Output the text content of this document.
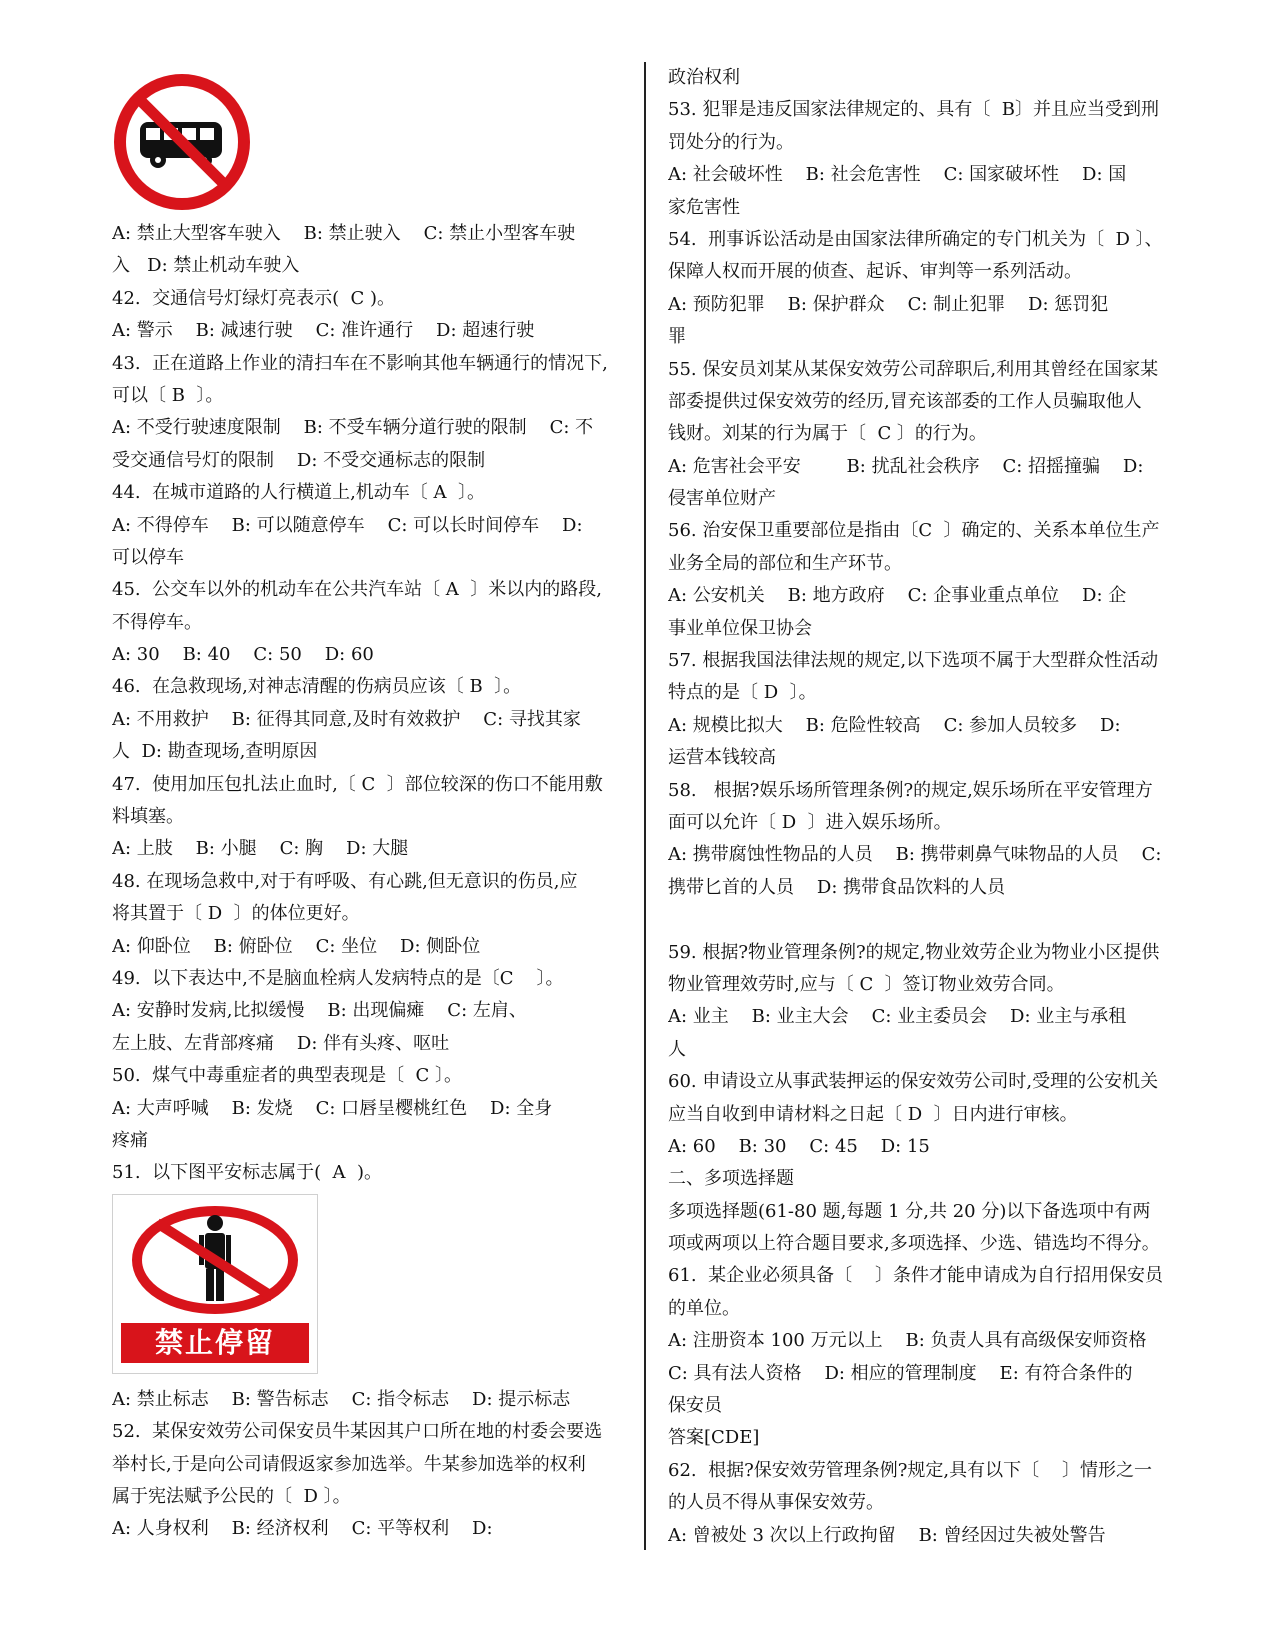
A: 禁止大型客车驶入    B: 禁止驶入    C: 禁止小型客车驶
入   D: 禁止机动车驶入
42.  交通信号灯绿灯亮表示(  C )。
A: 警示    B: 减速行驶    C: 准许通行    D: 超速行驶
43.  正在道路上作业的清扫车在不影响其他车辆通行的情况下,
可以〔 B  〕。
A: 不受行驶速度限制    B: 不受车辆分道行驶的限制    C: 不
受交通信号灯的限制    D: 不受交通标志的限制
44.  在城市道路的人行横道上,机动车〔 A  〕。
A: 不得停车    B: 可以随意停车    C: 可以长时间停车    D:
可以停车
45.  公交车以外的机动车在公共汽车站〔 A  〕米以内的路段,
不得停车。
A: 30    B: 40    C: 50    D: 60
46.  在急救现场,对神志清醒的伤病员应该〔 B  〕。
A: 不用救护    B: 征得其同意,及时有效救护    C: 寻找其家
人  D: 勘查现场,查明原因
47.  使用加压包扎法止血时,〔 C  〕部位较深的伤口不能用敷
料填塞。
A: 上肢    B: 小腿    C: 胸    D: 大腿
48. 在现场急救中,对于有呼吸、有心跳,但无意识的伤员,应
将其置于〔 D  〕的体位更好。
A: 仰卧位    B: 俯卧位    C: 坐位    D: 侧卧位
49.  以下表达中,不是脑血栓病人发病特点的是〔C    〕。
A: 安静时发病,比拟缓慢    B: 出现偏瘫    C: 左肩、
左上肢、左背部疼痛    D: 伴有头疼、呕吐
50.  煤气中毒重症者的典型表现是〔  C 〕。
A: 大声呼喊    B: 发烧    C: 口唇呈樱桃红色    D: 全身
疼痛
51.  以下图平安标志属于(  A  )。
禁止停留
A: 禁止标志    B: 警告标志    C: 指令标志    D: 提示标志
52.  某保安效劳公司保安员牛某因其户口所在地的村委会要选
举村长,于是向公司请假返家参加选举。牛某参加选举的权利
属于宪法赋予公民的〔  D 〕。
A: 人身权利    B: 经济权利    C: 平等权利    D:
政治权利
53. 犯罪是违反国家法律规定的、具有〔  B〕并且应当受到刑
罚处分的行为。
A: 社会破坏性    B: 社会危害性    C: 国家破坏性    D: 国
家危害性
54.  刑事诉讼活动是由国家法律所确定的专门机关为〔  D 〕、
保障人权而开展的侦查、起诉、审判等一系列活动。
A: 预防犯罪    B: 保护群众    C: 制止犯罪    D: 惩罚犯
罪
55. 保安员刘某从某保安效劳公司辞职后,利用其曾经在国家某
部委提供过保安效劳的经历,冒充该部委的工作人员骗取他人
钱财。刘某的行为属于〔  C 〕的行为。
A: 危害社会平安        B: 扰乱社会秩序    C: 招摇撞骗    D:
侵害单位财产
56. 治安保卫重要部位是指由〔C  〕确定的、关系本单位生产
业务全局的部位和生产环节。
A: 公安机关    B: 地方政府    C: 企事业重点单位    D: 企
事业单位保卫协会
57. 根据我国法律法规的规定,以下选项不属于大型群众性活动
特点的是〔 D  〕。
A: 规模比拟大    B: 危险性较高    C: 参加人员较多    D:
运营本钱较高
58.   根据?娱乐场所管理条例?的规定,娱乐场所在平安管理方
面可以允许〔 D  〕进入娱乐场所。
A: 携带腐蚀性物品的人员    B: 携带刺鼻气味物品的人员    C:
携带匕首的人员    D: 携带食品饮料的人员
59. 根据?物业管理条例?的规定,物业效劳企业为物业小区提供
物业管理效劳时,应与〔 C  〕签订物业效劳合同。
A: 业主    B: 业主大会    C: 业主委员会    D: 业主与承租
人
60. 申请设立从事武装押运的保安效劳公司时,受理的公安机关
应当自收到申请材料之日起〔 D  〕日内进行审核。
A: 60    B: 30    C: 45    D: 15
二、多项选择题
多项选择题(61-80 题,每题 1 分,共 20 分)以下备选项中有两
项或两项以上符合题目要求,多项选择、少选、错选均不得分。
61.  某企业必须具备〔    〕条件才能申请成为自行招用保安员
的单位。
A: 注册资本 100 万元以上    B: 负责人具有高级保安师资格
C: 具有法人资格    D: 相应的管理制度    E: 有符合条件的
保安员
答案[CDE]
62.  根据?保安效劳管理条例?规定,具有以下〔    〕情形之一
的人员不得从事保安效劳。
A: 曾被处 3 次以上行政拘留    B: 曾经因过失被处警告
